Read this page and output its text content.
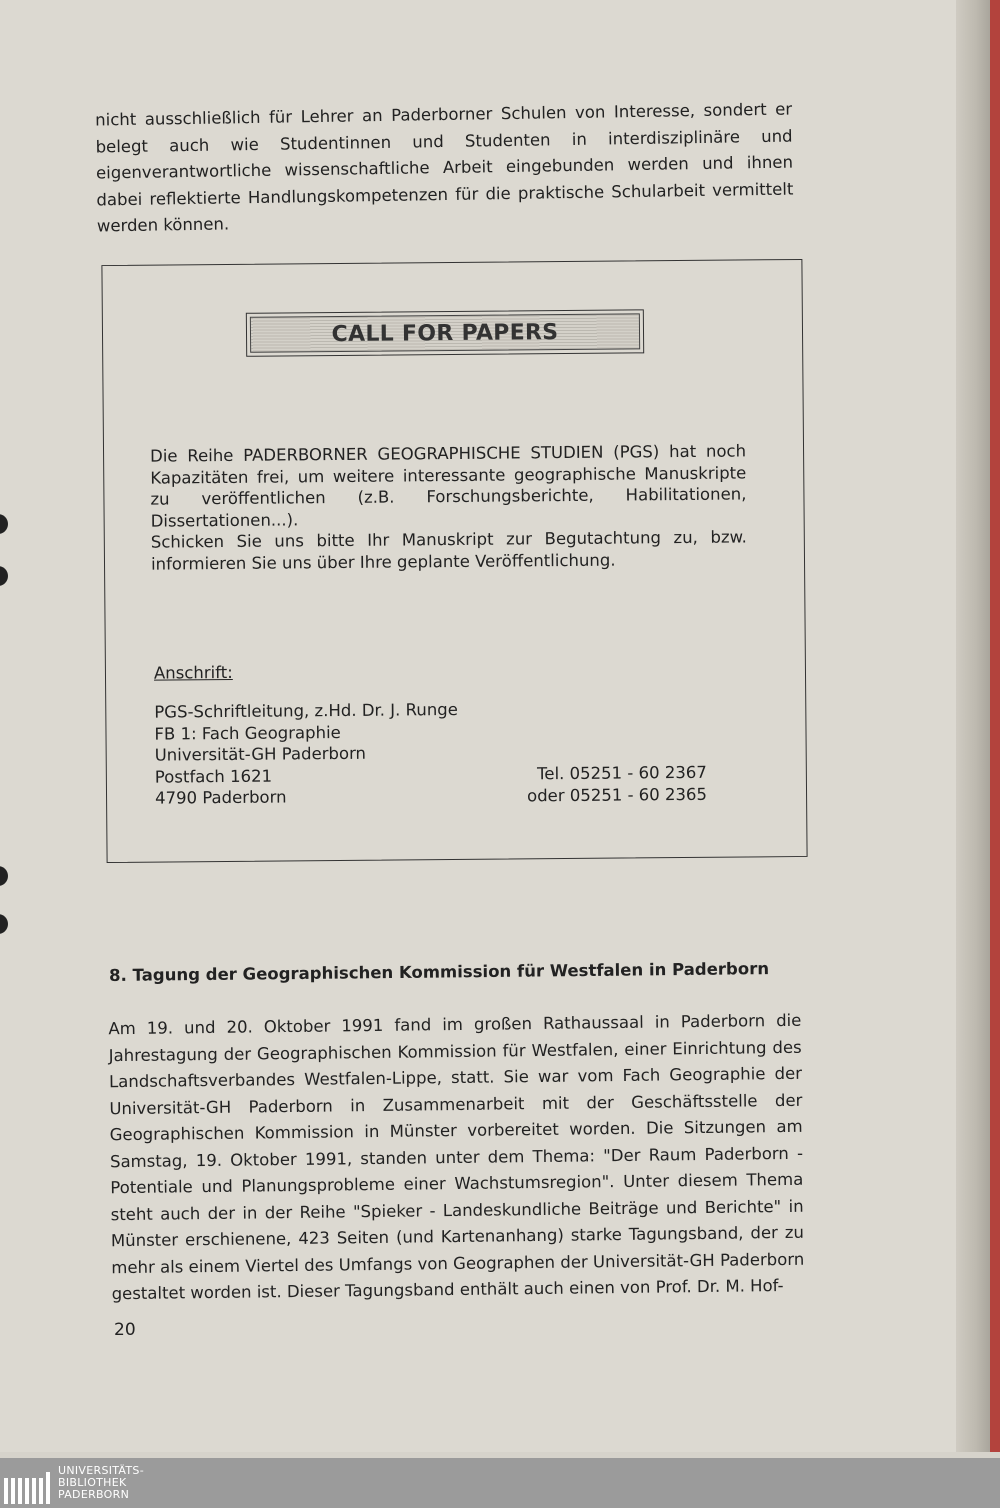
nicht ausschließlich für Lehrer an Paderborner Schulen von Interesse, sondert er belegt auch wie Studentinnen und Studenten in interdisziplinäre und eigenverantwortliche wissenschaftliche Arbeit eingebunden werden und ihnen dabei reflektierte Handlungskompetenzen für die praktische Schularbeit vermittelt werden können.

CALL FOR PAPERS

Die Reihe PADERBORNER GEOGRAPHISCHE STUDIEN (PGS) hat noch Kapazitäten frei, um weitere interessante geographische Manuskripte zu veröffentlichen (z.B. Forschungsberichte, Habilitationen, Dissertationen...).

Schicken Sie uns bitte Ihr Manuskript zur Begutachtung zu, bzw. informieren Sie uns über Ihre geplante Veröffentlichung.

Anschrift:
PGS-Schriftleitung, z.Hd. Dr. J. Runge
FB 1: Fach Geographie
Universität-GH Paderborn
Postfach 1621
4790 Paderborn
Tel. 05251 - 60 2367
oder 05251 - 60 2365
8. Tagung der Geographischen Kommission für Westfalen in Paderborn

Am 19. und 20. Oktober 1991 fand im großen Rathaussaal in Paderborn die Jahrestagung der Geographischen Kommission für Westfalen, einer Einrichtung des Landschaftsverbandes Westfalen-Lippe, statt. Sie war vom Fach Geographie der Universität-GH Paderborn in Zusammenarbeit mit der Geschäftsstelle der Geographischen Kommission in Münster vorbereitet worden. Die Sitzungen am Samstag, 19. Oktober 1991, standen unter dem Thema: "Der Raum Paderborn - Potentiale und Planungsprobleme einer Wachstumsregion". Unter diesem Thema steht auch der in der Reihe "Spieker - Landeskundliche Beiträge und Berichte" in Münster erschienene, 423 Seiten (und Kartenanhang) starke Tagungsband, der zu mehr als einem Viertel des Umfangs von Geographen der Universität-GH Paderborn gestaltet worden ist. Dieser Tagungsband enthält auch einen von Prof. Dr. M. Hof-

20
UNIVERSITÄTS-
BIBLIOTHEK
PADERBORN
